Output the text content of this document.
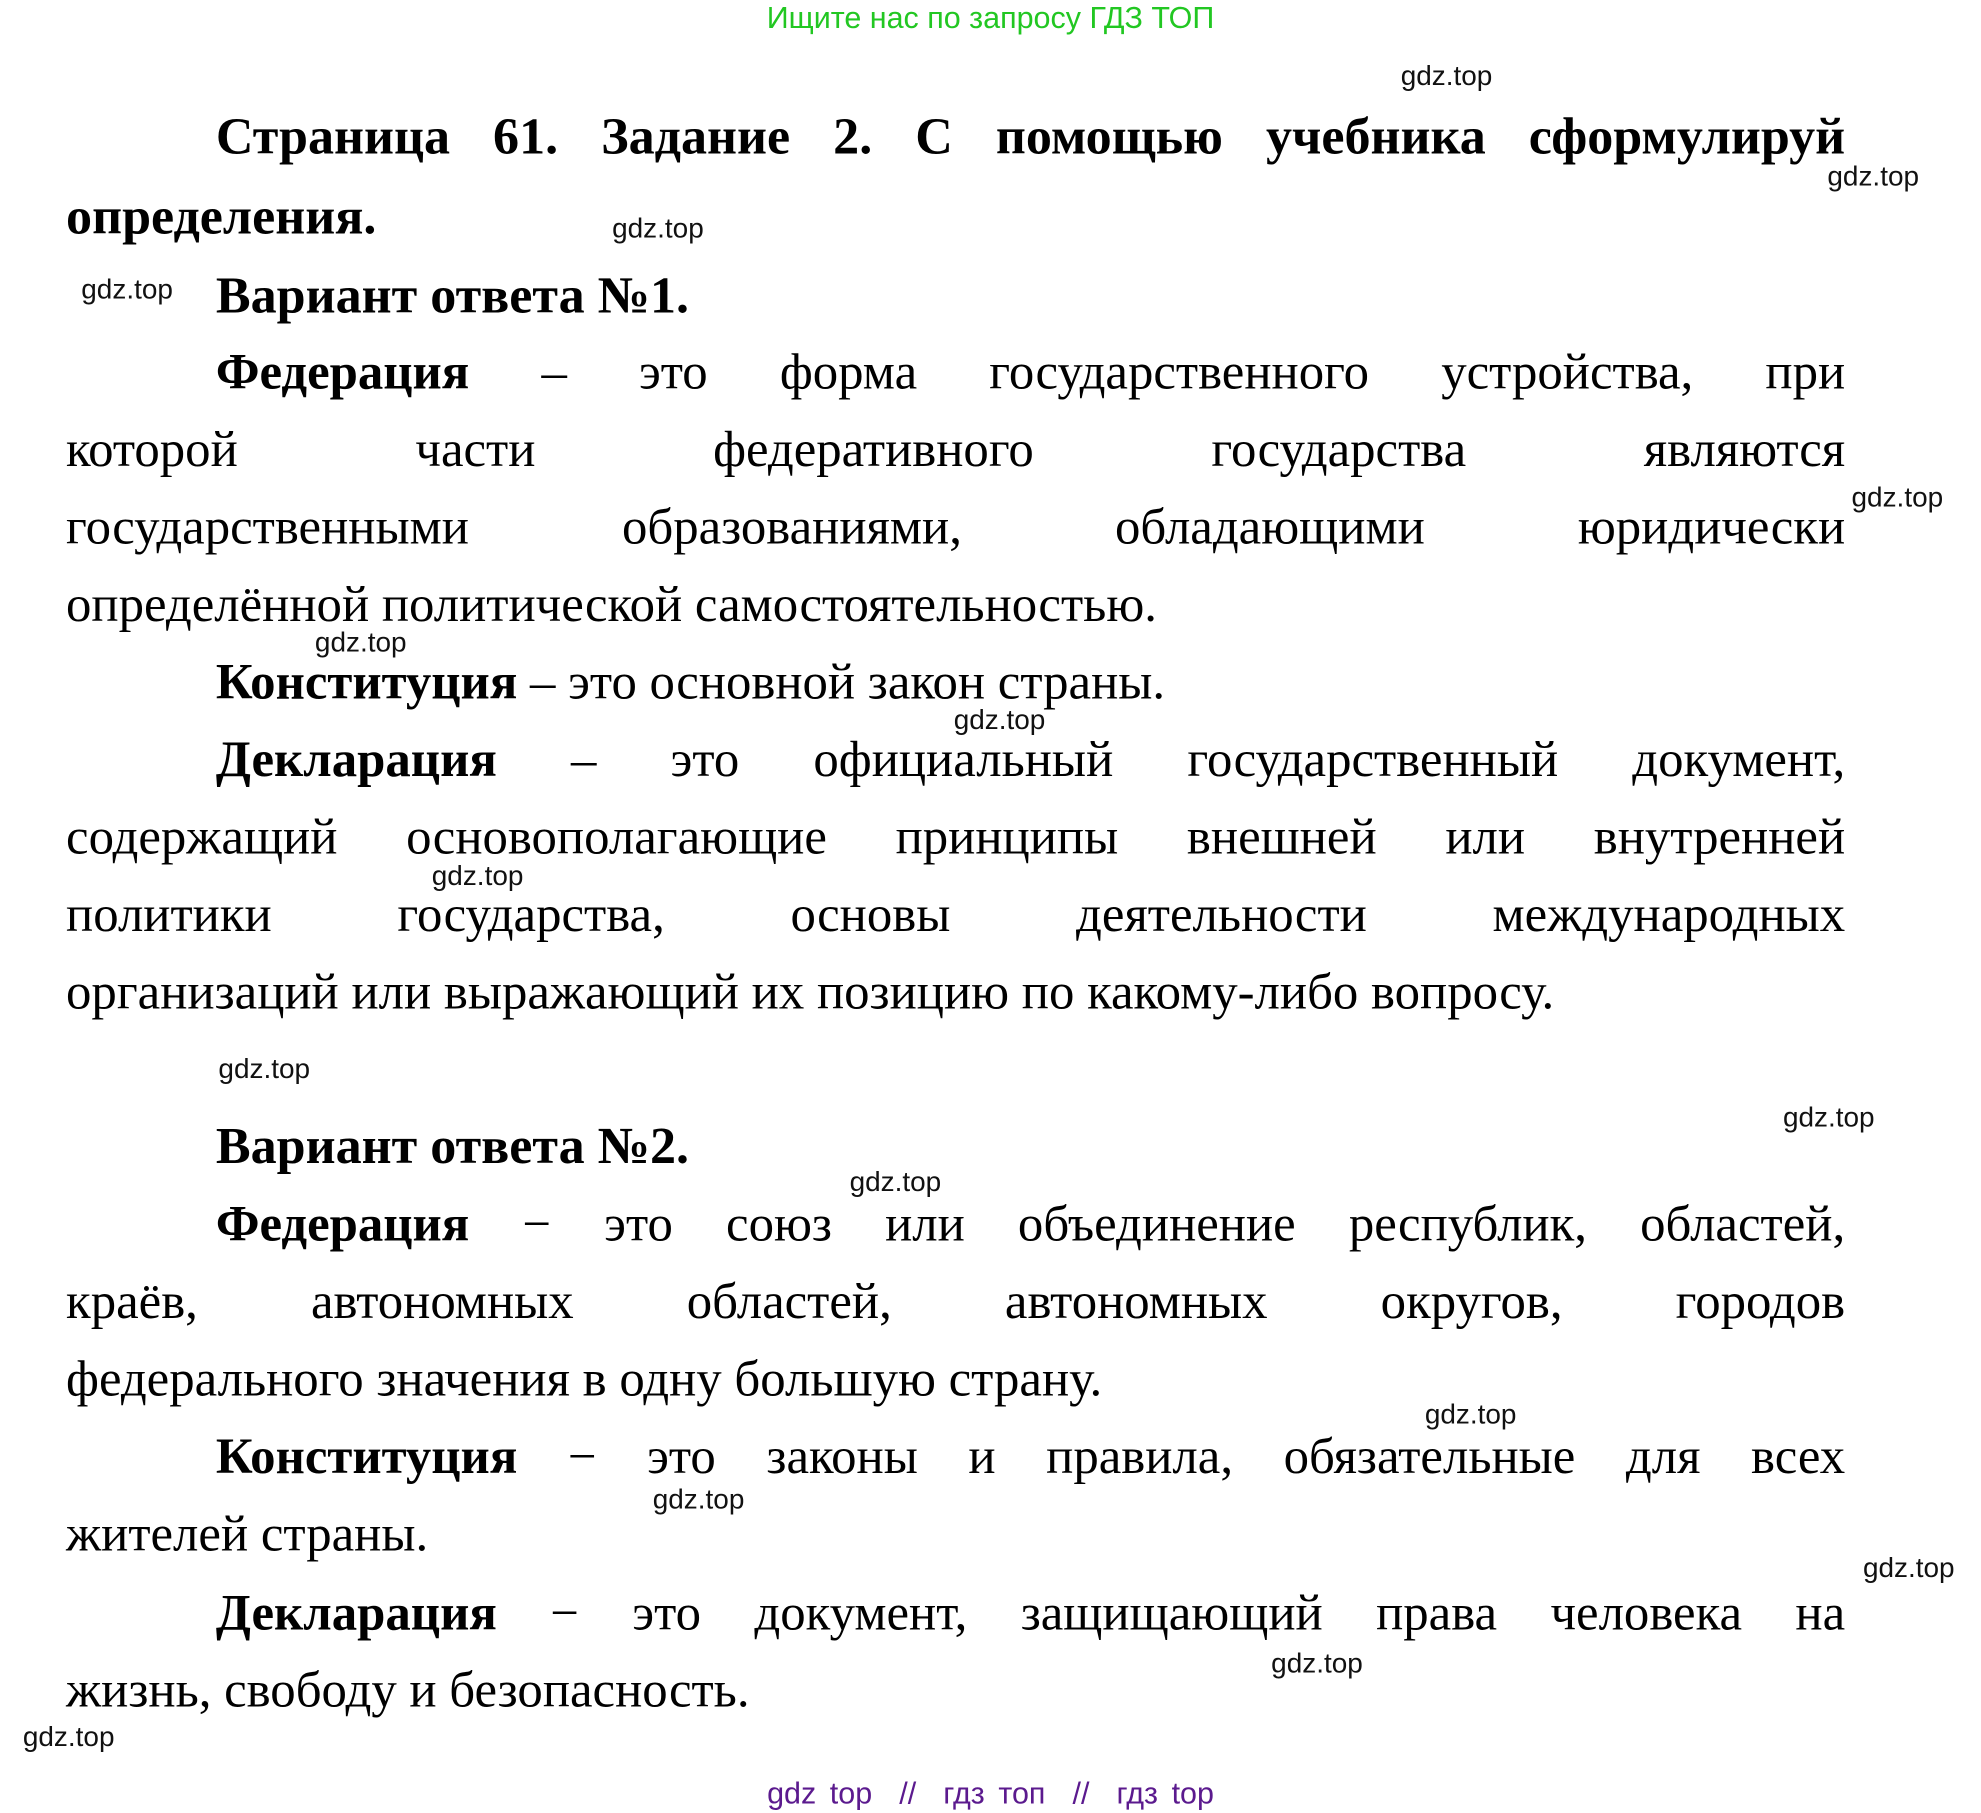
Ищите нас по запросу ГДЗ ТОП
Страница 61. Задание 2. С помощью учебника сформулируй
определения.
Вариант ответа №1.
Федерация – это форма государственного устройства, при
которой части федеративного государства являются
государственными образованиями, обладающими юридически
определённой политической самостоятельностью.
Конституция – это основной закон страны.
Декларация – это официальный государственный документ,
содержащий основополагающие принципы внешней или внутренней
политики государства, основы деятельности международных
организаций или выражающий их позицию по какому-либо вопросу.
Вариант ответа №2.
Федерация − это союз или объединение республик, областей,
краёв, автономных областей, автономных округов, городов
федерального значения в одну большую страну.
Конституция − это законы и правила, обязательные для всех
жителей страны.
Декларация − это документ, защищающий права человека на
жизнь, свободу и безопасность.
gdz.top
gdz.top
gdz.top
gdz.top
gdz.top
gdz.top
gdz.top
gdz.top
gdz.top
gdz.top
gdz.top
gdz.top
gdz.top
gdz.top
gdz.top
gdz.top
gdz top  //  гдз топ  //  гдз top
